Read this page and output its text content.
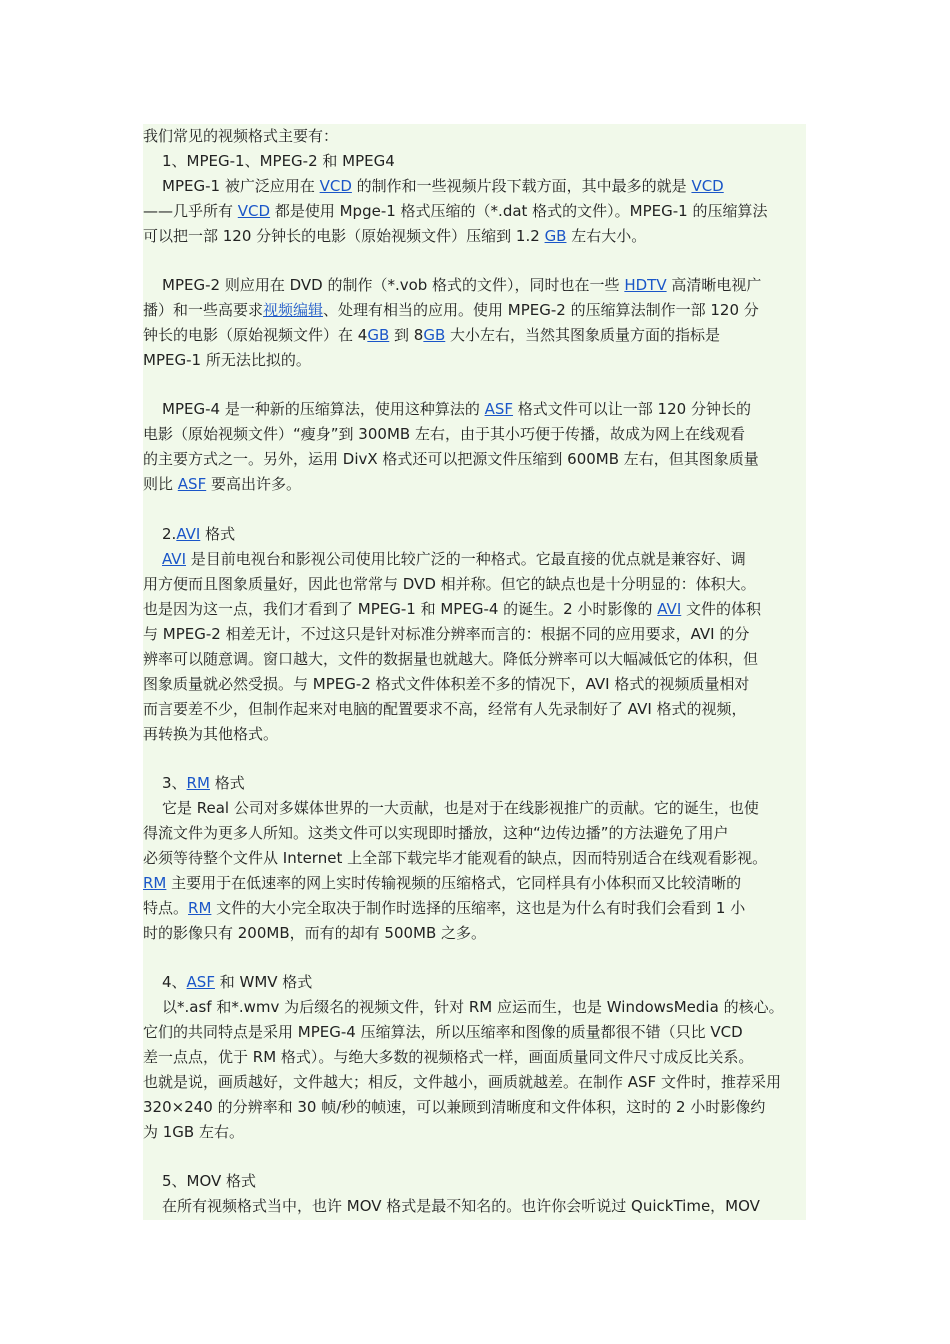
我们常见的视频格式主要有：
1、MPEG-1、MPEG-2 和 MPEG4
MPEG-1 被广泛应用在 VCD 的制作和一些视频片段下载方面，其中最多的就是 VCD
——几乎所有 VCD 都是使用 Mpge-1 格式压缩的（*.dat 格式的文件）。MPEG-1 的压缩算法
可以把一部 120 分钟长的电影（原始视频文件）压缩到 1.2 GB 左右大小。
MPEG-2 则应用在 DVD 的制作（*.vob 格式的文件），同时也在一些 HDTV 高清晰电视广
播）和一些高要求视频编辑、处理有相当的应用。使用 MPEG-2 的压缩算法制作一部 120 分
钟长的电影（原始视频文件）在 4GB 到 8GB 大小左右，当然其图象质量方面的指标是
MPEG-1 所无法比拟的。
MPEG-4 是一种新的压缩算法，使用这种算法的 ASF 格式文件可以让一部 120 分钟长的
电影（原始视频文件）“瘦身”到 300MB 左右，由于其小巧便于传播，故成为网上在线观看
的主要方式之一。另外，运用 DivX 格式还可以把源文件压缩到 600MB 左右，但其图象质量
则比 ASF 要高出许多。
2.AVI 格式
AVI 是目前电视台和影视公司使用比较广泛的一种格式。它最直接的优点就是兼容好、调
用方便而且图象质量好，因此也常常与 DVD 相并称。但它的缺点也是十分明显的：体积大。
也是因为这一点，我们才看到了 MPEG-1 和 MPEG-4 的诞生。2 小时影像的 AVI 文件的体积
与 MPEG-2 相差无计，不过这只是针对标准分辨率而言的：根据不同的应用要求，AVI 的分
辨率可以随意调。窗口越大，文件的数据量也就越大。降低分辨率可以大幅减低它的体积，但
图象质量就必然受损。与 MPEG-2 格式文件体积差不多的情况下，AVI 格式的视频质量相对
而言要差不少，但制作起来对电脑的配置要求不高，经常有人先录制好了 AVI 格式的视频，
再转换为其他格式。
3、RM 格式
它是 Real 公司对多媒体世界的一大贡献，也是对于在线影视推广的贡献。它的诞生，也使
得流文件为更多人所知。这类文件可以实现即时播放，这种“边传边播”的方法避免了用户
必须等待整个文件从 Internet 上全部下载完毕才能观看的缺点，因而特别适合在线观看影视。
RM 主要用于在低速率的网上实时传输视频的压缩格式，它同样具有小体积而又比较清晰的
特点。RM 文件的大小完全取决于制作时选择的压缩率，这也是为什么有时我们会看到 1 小
时的影像只有 200MB，而有的却有 500MB 之多。
4、ASF 和 WMV 格式
以*.asf 和*.wmv 为后缀名的视频文件，针对 RM 应运而生，也是 WindowsMedia 的核心。
它们的共同特点是采用 MPEG-4 压缩算法，所以压缩率和图像的质量都很不错（只比 VCD
差一点点，优于 RM 格式）。与绝大多数的视频格式一样，画面质量同文件尺寸成反比关系。
也就是说，画质越好，文件越大；相反，文件越小，画质就越差。在制作 ASF 文件时，推荐采用
320×240 的分辨率和 30 帧/秒的帧速，可以兼顾到清晰度和文件体积，这时的 2 小时影像约
为 1GB 左右。
5、MOV 格式
在所有视频格式当中，也许 MOV 格式是最不知名的。也许你会听说过 QuickTime，MOV
